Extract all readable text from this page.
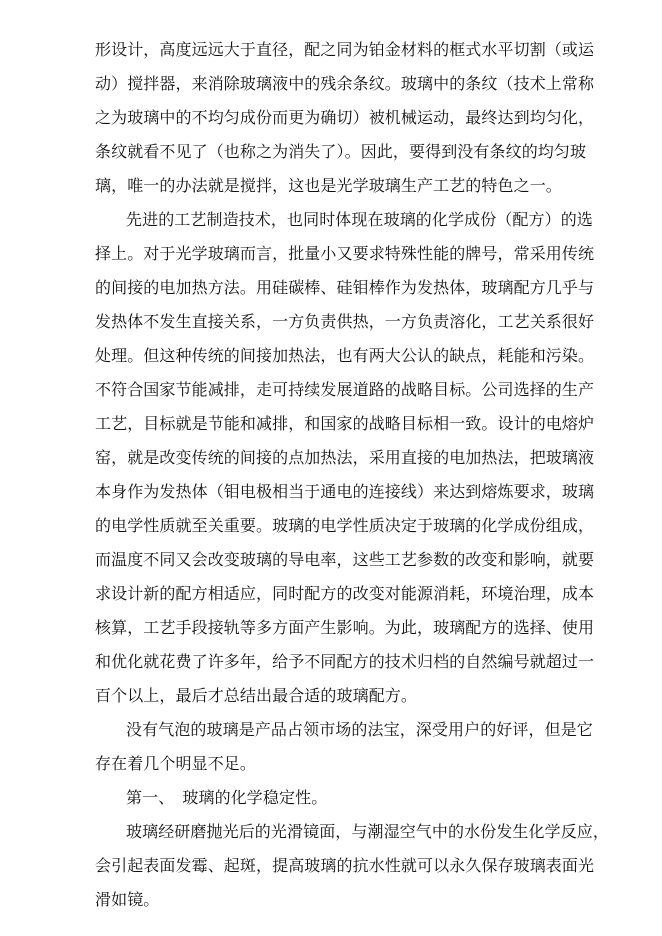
形设计，高度远远大于直径，配之同为铂金材料的框式水平切割（或运
动）搅拌器，来消除玻璃液中的残余条纹。玻璃中的条纹（技术上常称
之为玻璃中的不均匀成份而更为确切）被机械运动，最终达到均匀化，
条纹就看不见了（也称之为消失了）。因此，要得到没有条纹的均匀玻
璃，唯一的办法就是搅拌，这也是光学玻璃生产工艺的特色之一。
先进的工艺制造技术，也同时体现在玻璃的化学成份（配方）的选
择上。对于光学玻璃而言，批量小又要求特殊性能的牌号，常采用传统
的间接的电加热方法。用硅碳棒、硅钼棒作为发热体，玻璃配方几乎与
发热体不发生直接关系，一方负责供热，一方负责溶化，工艺关系很好
处理。但这种传统的间接加热法，也有两大公认的缺点，耗能和污染。
不符合国家节能减排，走可持续发展道路的战略目标。公司选择的生产
工艺，目标就是节能和减排，和国家的战略目标相一致。设计的电熔炉
窑，就是改变传统的间接的点加热法，采用直接的电加热法，把玻璃液
本身作为发热体（钼电极相当于通电的连接线）来达到熔炼要求，玻璃
的电学性质就至关重要。玻璃的电学性质决定于玻璃的化学成份组成，
而温度不同又会改变玻璃的导电率，这些工艺参数的改变和影响，就要
求设计新的配方相适应，同时配方的改变对能源消耗，环境治理，成本
核算，工艺手段接轨等多方面产生影响。为此，玻璃配方的选择、使用
和优化就花费了许多年，给予不同配方的技术归档的自然编号就超过一
百个以上，最后才总结出最合适的玻璃配方。
没有气泡的玻璃是产品占领市场的法宝，深受用户的好评，但是它
存在着几个明显不足。
第一、　玻璃的化学稳定性。
玻璃经研磨抛光后的光滑镜面，与潮湿空气中的水份发生化学反应，
会引起表面发霉、起斑，提高玻璃的抗水性就可以永久保存玻璃表面光
滑如镜。
